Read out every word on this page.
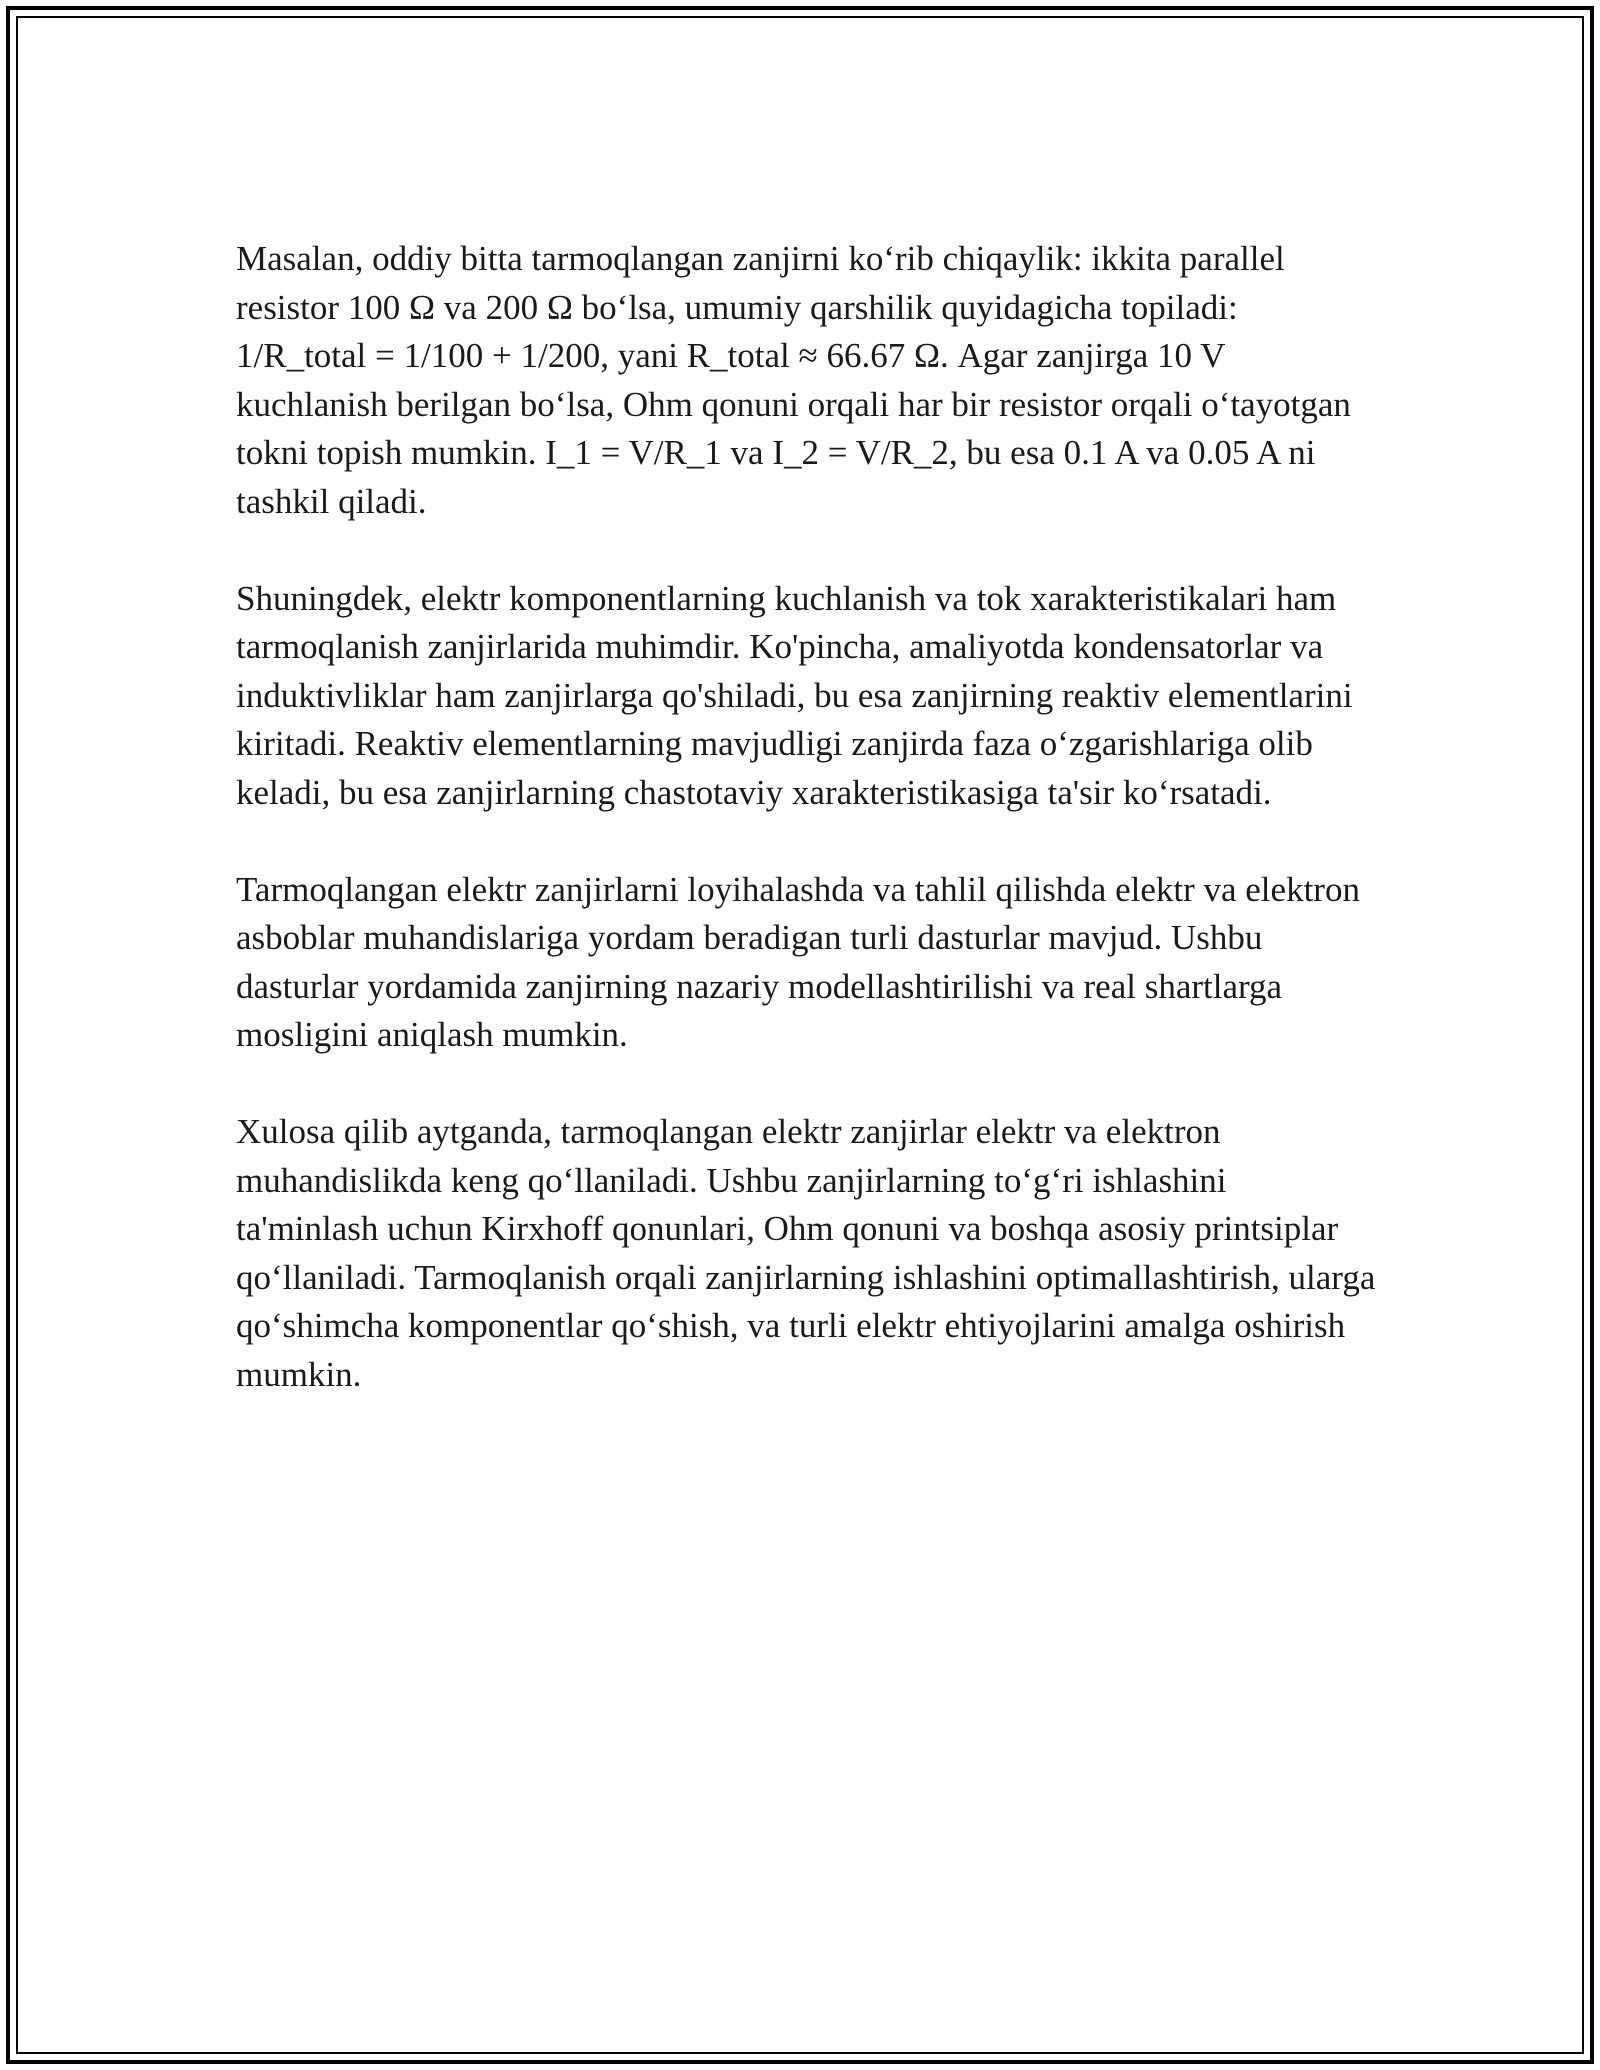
Masalan, oddiy bitta tarmoqlangan zanjirni ko‘rib chiqaylik: ikkita parallel resistor 100 Ω va 200 Ω bo‘lsa, umumiy qarshilik quyidagicha topiladi: 1/R_total = 1/100 + 1/200, yani R_total ≈ 66.67 Ω. Agar zanjirga 10 V kuchlanish berilgan bo‘lsa, Ohm qonuni orqali har bir resistor orqali o‘tayotgan tokni topish mumkin. I_1 = V/R_1 va I_2 = V/R_2, bu esa 0.1 A va 0.05 A ni tashkil qiladi.

Shuningdek, elektr komponentlarning kuchlanish va tok xarakteristikalari ham tarmoqlanish zanjirlarida muhimdir. Ko'pincha, amaliyotda kondensatorlar va induktivliklar ham zanjirlarga qo'shiladi, bu esa zanjirning reaktiv elementlarini kiritadi. Reaktiv elementlarning mavjudligi zanjirda faza o‘zgarishlariga olib keladi, bu esa zanjirlarning chastotaviy xarakteristikasiga ta'sir ko‘rsatadi.

Tarmoqlangan elektr zanjirlarni loyihalashda va tahlil qilishda elektr va elektron asboblar muhandislariga yordam beradigan turli dasturlar mavjud. Ushbu dasturlar yordamida zanjirning nazariy modellashtirilishi va real shartlarga mosligini aniqlash mumkin.

Xulosa qilib aytganda, tarmoqlangan elektr zanjirlar elektr va elektron muhandislikda keng qo‘llaniladi. Ushbu zanjirlarning to‘g‘ri ishlashini ta'minlash uchun Kirxhoff qonunlari, Ohm qonuni va boshqa asosiy printsiplar qo‘llaniladi. Tarmoqlanish orqali zanjirlarning ishlashini optimallashtirish, ularga qo‘shimcha komponentlar qo‘shish, va turli elektr ehtiyojlarini amalga oshirish mumkin.
